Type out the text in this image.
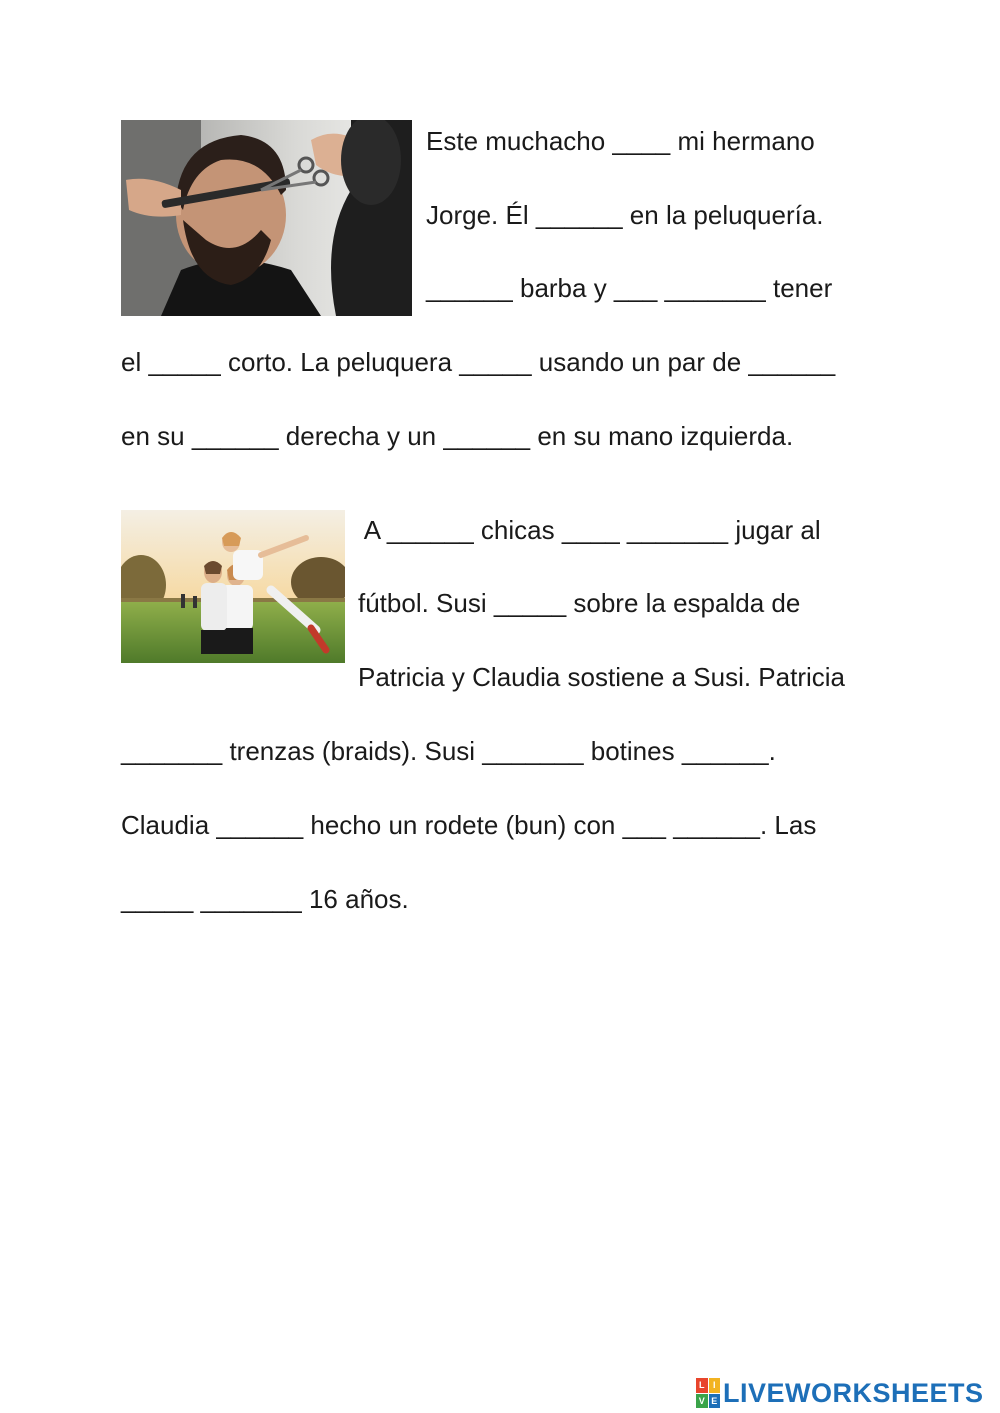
Este muchacho ____ mi hermano
Jorge. Él ______ en la peluquería.
______ barba y ___ _______ tener
el _____ corto. La peluquera _____ usando un par de ______
en su ______ derecha y un ______ en su mano izquierda.
A ______ chicas ____ _______ jugar al
fútbol. Susi _____ sobre la espalda de
Patricia y Claudia sostiene a Susi. Patricia
_______ trenzas (braids). Susi _______ botines ______.
Claudia ______ hecho un rodete (bun) con ___ ______. Las
_____ _______ 16 años.
L I
V E LIVEWORKSHEETS
